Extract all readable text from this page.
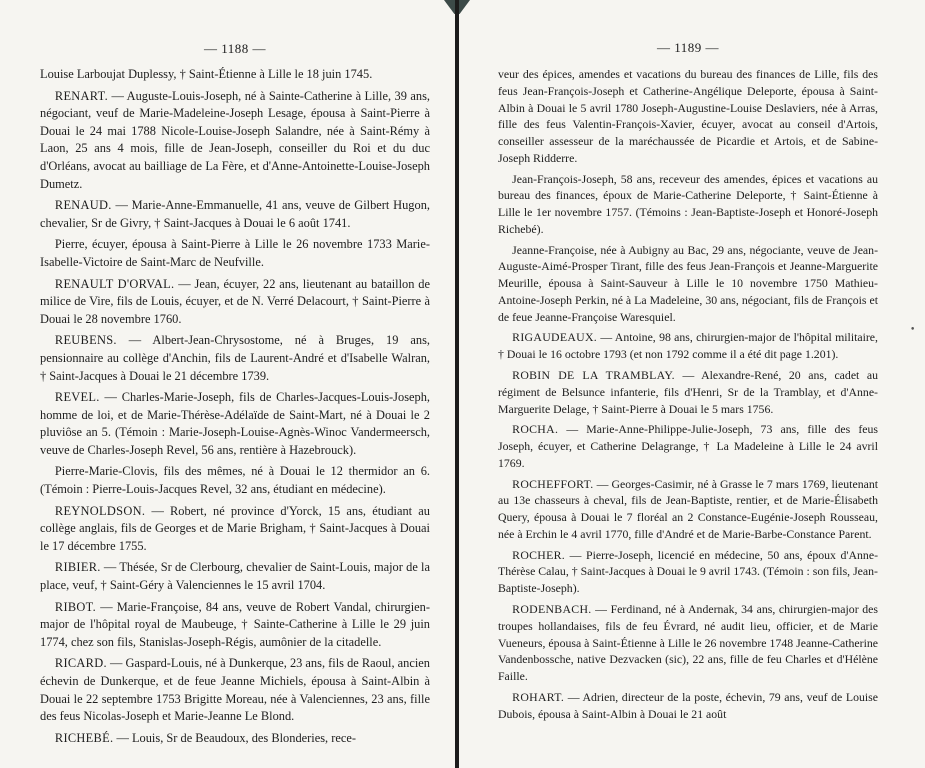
— 1188 —

Louise Larboujat Duplessy, † Saint-Étienne à Lille le 18 juin 1745.

RENART. — Auguste-Louis-Joseph, né à Sainte-Catherine à Lille, 39 ans, négociant, veuf de Marie-Madeleine-Joseph Lesage, épousa à Saint-Pierre à Douai le 24 mai 1788 Nicole-Louise-Joseph Salandre, née à Saint-Rémy à Laon, 25 ans 4 mois, fille de Jean-Joseph, conseiller du Roi et du duc d'Orléans, avocat au bailliage de La Fère, et d'Anne-Antoinette-Louise-Joseph Dumetz.

RENAUD. — Marie-Anne-Emmanuelle, 41 ans, veuve de Gilbert Hugon, chevalier, Sr de Givry, † Saint-Jacques à Douai le 6 août 1741.

Pierre, écuyer, épousa à Saint-Pierre à Lille le 26 novembre 1733 Marie-Isabelle-Victoire de Saint-Marc de Neufville.

RENAULT D'ORVAL. — Jean, écuyer, 22 ans, lieutenant au bataillon de milice de Vire, fils de Louis, écuyer, et de N. Verré Delacourt, † Saint-Pierre à Douai le 28 novembre 1760.

REUBENS. — Albert-Jean-Chrysostome, né à Bruges, 19 ans, pensionnaire au collège d'Anchin, fils de Laurent-André et d'Isabelle Walran, † Saint-Jacques à Douai le 21 décembre 1739.

REVEL. — Charles-Marie-Joseph, fils de Charles-Jacques-Louis-Joseph, homme de loi, et de Marie-Thérèse-Adélaïde de Saint-Mart, né à Douai le 2 pluviôse an 5. (Témoin : Marie-Joseph-Louise-Agnès-Winoc Vandermeersch, veuve de Charles-Joseph Revel, 56 ans, rentière à Hazebrouck).

Pierre-Marie-Clovis, fils des mêmes, né à Douai le 12 thermidor an 6. (Témoin : Pierre-Louis-Jacques Revel, 32 ans, étudiant en médecine).

REYNOLDSON. — Robert, né province d'Yorck, 15 ans, étudiant au collège anglais, fils de Georges et de Marie Brigham, † Saint-Jacques à Douai le 17 décembre 1755.

RIBIER. — Thésée, Sr de Clerbourg, chevalier de Saint-Louis, major de la place, veuf, † Saint-Géry à Valenciennes le 15 avril 1704.

RIBOT. — Marie-Françoise, 84 ans, veuve de Robert Vandal, chirurgien-major de l'hôpital royal de Maubeuge, † Sainte-Catherine à Lille le 29 juin 1774, chez son fils, Stanislas-Joseph-Régis, aumônier de la citadelle.

RICARD. — Gaspard-Louis, né à Dunkerque, 23 ans, fils de Raoul, ancien échevin de Dunkerque, et de feue Jeanne Michiels, épousa à Saint-Albin à Douai le 22 septembre 1753 Brigitte Moreau, née à Valenciennes, 23 ans, fille des feus Nicolas-Joseph et Marie-Jeanne Le Blond.

RICHEBÉ. — Louis, Sr de Beaudoux, des Blonderies, rece-

— 1189 —

veur des épices, amendes et vacations du bureau des finances de Lille, fils des feus Jean-François-Joseph et Catherine-Angélique Deleporte, épousa à Saint-Albin à Douai le 5 avril 1780 Joseph-Augustine-Louise Deslaviers, née à Arras, fille des feus Valentin-François-Xavier, écuyer, avocat au conseil d'Artois, conseiller assesseur de la maréchaussée de Picardie et Artois, et de Sabine-Joseph Ridderre.

Jean-François-Joseph, 58 ans, receveur des amendes, épices et vacations au bureau des finances, époux de Marie-Catherine Deleporte, † Saint-Étienne à Lille le 1er novembre 1757. (Témoins : Jean-Baptiste-Joseph et Honoré-Joseph Richebé).

Jeanne-Françoise, née à Aubigny au Bac, 29 ans, négociante, veuve de Jean-Auguste-Aimé-Prosper Tirant, fille des feus Jean-François et Jeanne-Marguerite Meurille, épousa à Saint-Sauveur à Lille le 10 novembre 1750 Mathieu-Antoine-Joseph Perkin, né à La Madeleine, 30 ans, négociant, fils de François et de feue Jeanne-Françoise Waresquiel.

RIGAUDEAUX. — Antoine, 98 ans, chirurgien-major de l'hôpital militaire, † Douai le 16 octobre 1793 (et non 1792 comme il a été dit page 1.201).

ROBIN DE LA TRAMBLAY. — Alexandre-René, 20 ans, cadet au régiment de Belsunce infanterie, fils d'Henri, Sr de la Tramblay, et d'Anne-Marguerite Delage, † Saint-Pierre à Douai le 5 mars 1756.

ROCHA. — Marie-Anne-Philippe-Julie-Joseph, 73 ans, fille des feus Joseph, écuyer, et Catherine Delagrange, † La Madeleine à Lille le 24 avril 1769.

ROCHEFFORT. — Georges-Casimir, né à Grasse le 7 mars 1769, lieutenant au 13e chasseurs à cheval, fils de Jean-Baptiste, rentier, et de Marie-Élisabeth Query, épousa à Douai le 7 floréal an 2 Constance-Eugénie-Joseph Rousseau, née à Erchin le 4 avril 1770, fille d'André et de Marie-Barbe-Constance Parent.

ROCHER. — Pierre-Joseph, licencié en médecine, 50 ans, époux d'Anne-Thérèse Calau, † Saint-Jacques à Douai le 9 avril 1743. (Témoin : son fils, Jean-Baptiste-Joseph).

RODENBACH. — Ferdinand, né à Andernak, 34 ans, chirurgien-major des troupes hollandaises, fils de feu Évrard, né audit lieu, officier, et de Marie Vueneurs, épousa à Saint-Étienne à Lille le 26 novembre 1748 Jeanne-Catherine Vandenbossche, native Dezvacken (sic), 22 ans, fille de feu Charles et d'Hélène Faille.

ROHART. — Adrien, directeur de la poste, échevin, 79 ans, veuf de Louise Dubois, épousa à Saint-Albin à Douai le 21 août

•
